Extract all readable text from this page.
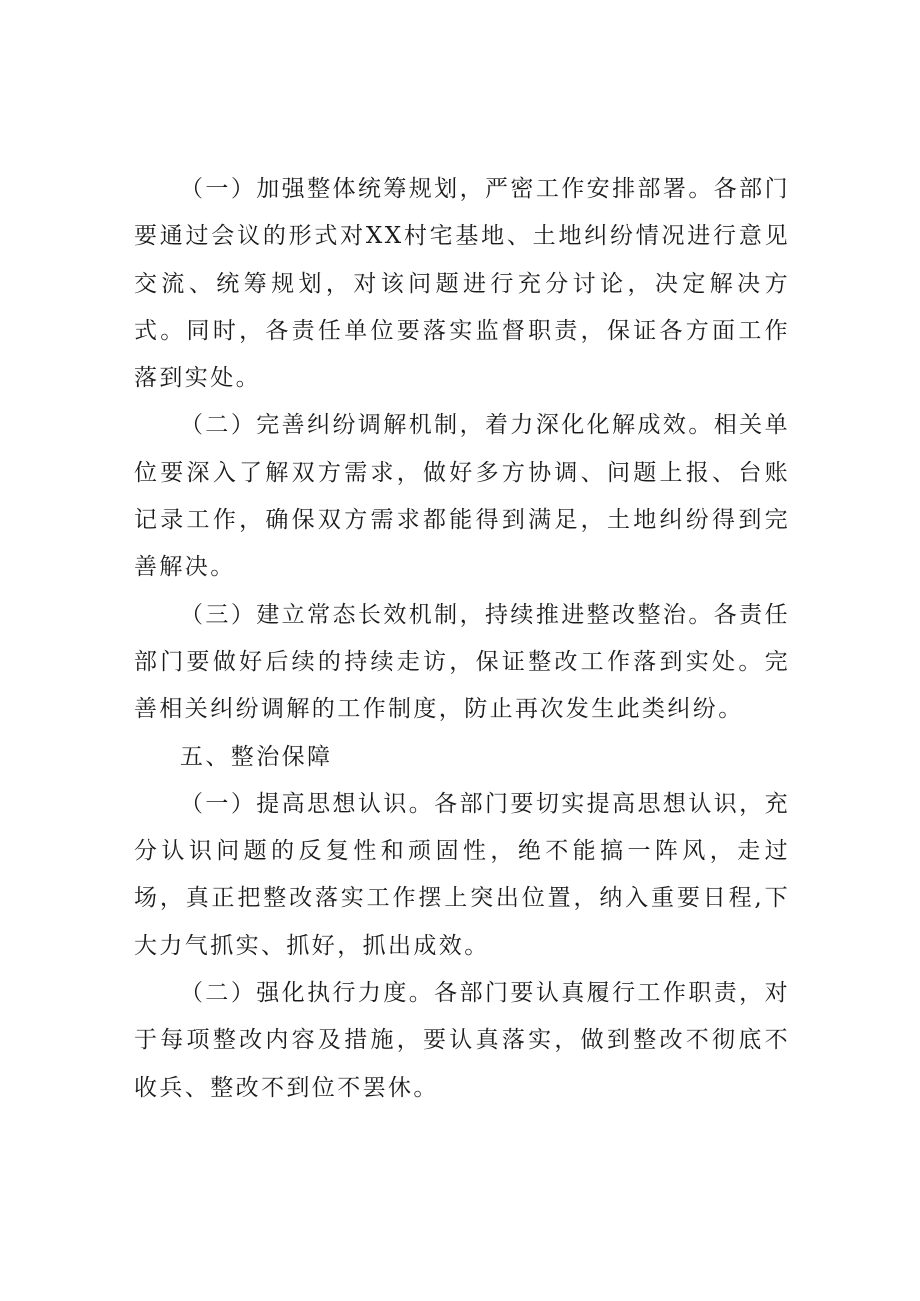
（一）加强整体统筹规划，严密工作安排部署。各部门要通过会议的形式对XX村宅基地、土地纠纷情况进行意见交流、统筹规划，对该问题进行充分讨论，决定解决方式。同时，各责任单位要落实监督职责，保证各方面工作落到实处。

（二）完善纠纷调解机制，着力深化化解成效。相关单位要深入了解双方需求，做好多方协调、问题上报、台账记录工作，确保双方需求都能得到满足，土地纠纷得到完善解决。

（三）建立常态长效机制，持续推进整改整治。各责任部门要做好后续的持续走访，保证整改工作落到实处。完善相关纠纷调解的工作制度，防止再次发生此类纠纷。

五、整治保障

（一）提高思想认识。各部门要切实提高思想认识，充分认识问题的反复性和顽固性，绝不能搞一阵风，走过场，真正把整改落实工作摆上突出位置，纳入重要日程,下大力气抓实、抓好，抓出成效。

（二）强化执行力度。各部门要认真履行工作职责，对于每项整改内容及措施，要认真落实，做到整改不彻底不收兵、整改不到位不罢休。
